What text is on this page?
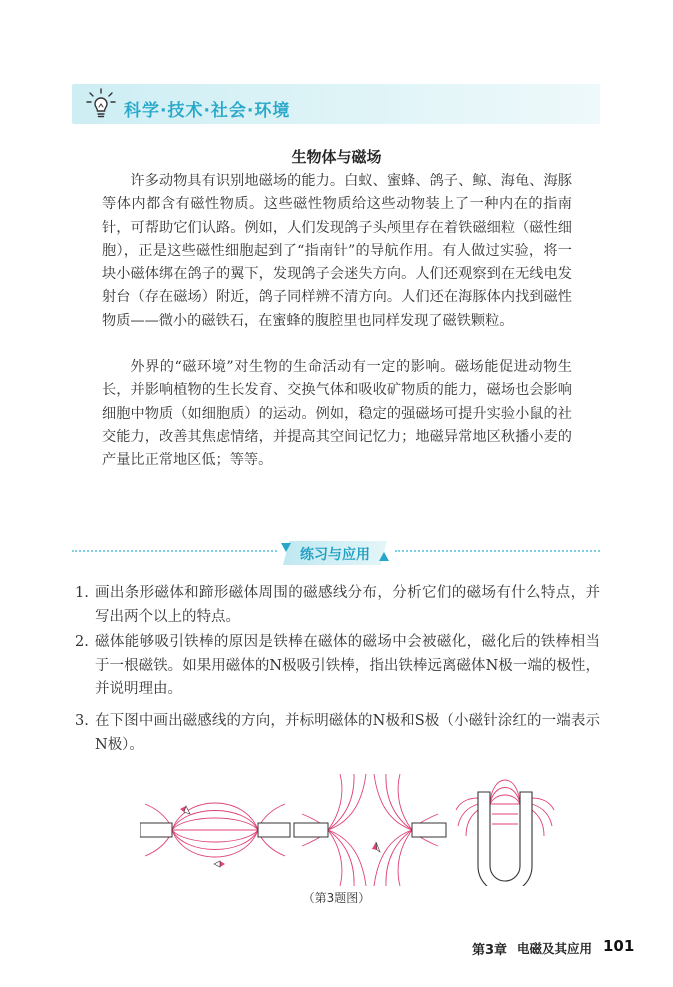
科学·技术·社会·环境
生物体与磁场

许多动物具有识别地磁场的能力。白蚁、蜜蜂、鸽子、鲸、海龟、海豚等体内都含有磁性物质。这些磁性物质给这些动物装上了一种内在的指南针，可帮助它们认路。例如，人们发现鸽子头颅里存在着铁磁细粒（磁性细胞），正是这些磁性细胞起到了“指南针”的导航作用。有人做过实验，将一块小磁体绑在鸽子的翼下，发现鸽子会迷失方向。人们还观察到在无线电发射台（存在磁场）附近，鸽子同样辨不清方向。人们还在海豚体内找到磁性物质——微小的磁铁石，在蜜蜂的腹腔里也同样发现了磁铁颗粒。

外界的“磁环境”对生物的生命活动有一定的影响。磁场能促进动物生长，并影响植物的生长发育、交换气体和吸收矿物质的能力，磁场也会影响细胞中物质（如细胞质）的运动。例如，稳定的强磁场可提升实验小鼠的社交能力，改善其焦虑情绪，并提高其空间记忆力；地磁异常地区秋播小麦的产量比正常地区低；等等。

练习与应用
1. 画出条形磁体和蹄形磁体周围的磁感线分布，分析它们的磁场有什么特点，并写出两个以上的特点。
2. 磁体能够吸引铁棒的原因是铁棒在磁体的磁场中会被磁化，磁化后的铁棒相当于一根磁铁。如果用磁体的N极吸引铁棒，指出铁棒远离磁体N极一端的极性，并说明理由。
3. 在下图中画出磁感线的方向，并标明磁体的N极和S极（小磁针涂红的一端表示N极）。
（第3题图）
第3章 电磁及其应用 101
